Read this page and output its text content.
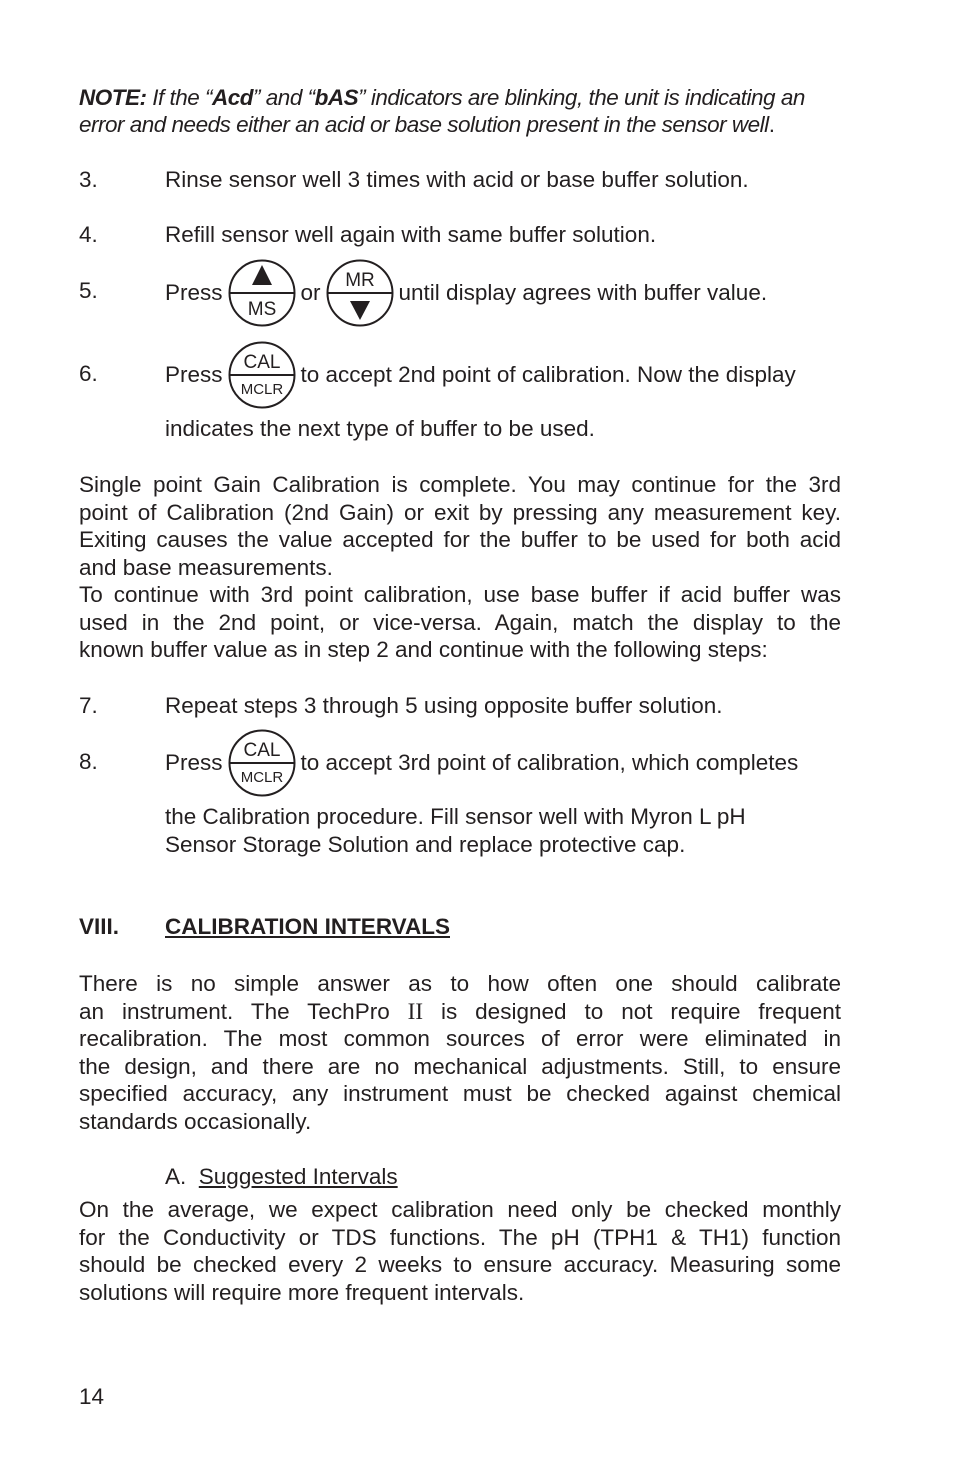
NOTE: If the “Acd” and “bAS” indicators are blinking, the unit is indicating an
error and needs either an acid or base solution present in the sensor well.
3.	Rinse sensor well 3 times with acid or base buffer solution.
4.	Refill sensor well again with same buffer solution.
5.	Press
MS
or MR until display agrees with buffer value.
6.	Press CAL
MCLR
to accept 2nd point of calibration. Now the display
indicates the next type of buffer to be used.
Single point Gain Calibration is complete. You may continue for the 3rd
point of Calibration (2nd Gain) or exit by pressing any measurement key.
Exiting causes the value accepted for the buffer to be used for both acid
and base measurements.
To continue with 3rd point calibration, use base buffer if acid buffer was
used in the 2nd point, or vice-versa. Again, match the display to the
known buffer value as in step 2 and continue with the following steps:
7.	Repeat steps 3 through 5 using opposite buffer solution.
8.	Press CAL
MCLR
to accept 3rd point of calibration, which completes
the Calibration procedure. Fill sensor well with Myron L pH
Sensor Storage Solution and replace protective cap.
VIII. CALIBRATION INTERVALS
There is no simple answer as to how often one should calibrate
an instrument. The TechPro II is designed to not require frequent
recalibration. The most common sources of error were eliminated in
the design, and there are no mechanical adjustments. Still, to ensure
specified accuracy, any instrument must be checked against chemical
standards occasionally.
A.
Suggested Intervals
On the average, we expect calibration need only be checked monthly
for the Conductivity or TDS functions. The pH (TPH1 & TH1) function
should be checked every 2 weeks to ensure accuracy. Measuring some
solutions will require more frequent intervals.
14
